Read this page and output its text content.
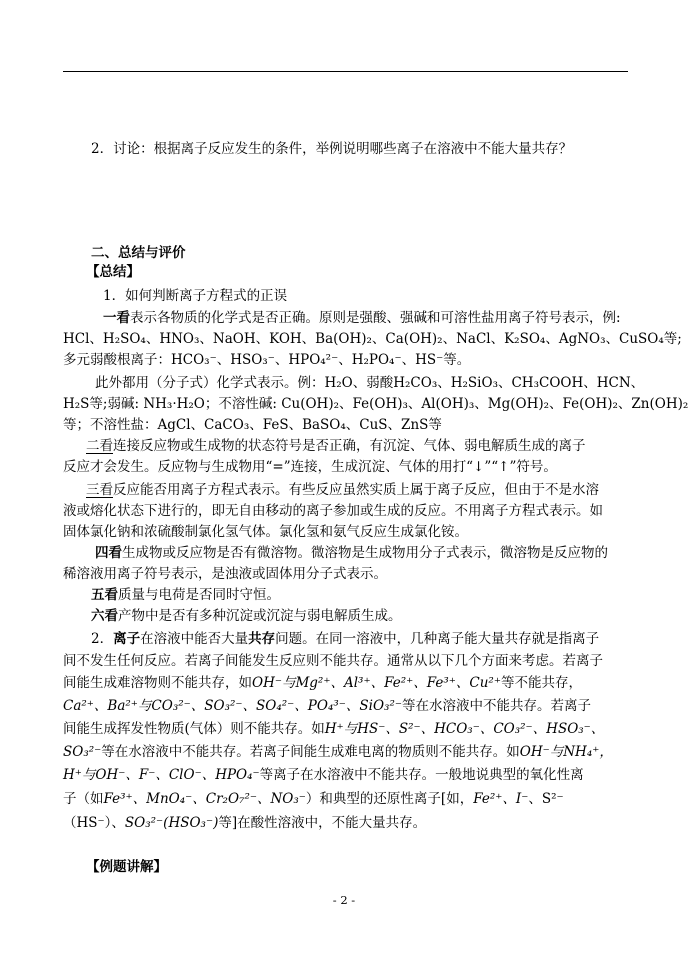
2．讨论：根据离子反应发生的条件，举例说明哪些离子在溶液中不能大量共存？
二、总结与评价
【总结】
1．如何判断离子方程式的正误
一看表示各物质的化学式是否正确。原则是强酸、强碱和可溶性盐用离子符号表示，例:
HCl、H₂SO₄、HNO₃、NaOH、KOH、Ba(OH)₂、Ca(OH)₂、NaCl、K₂SO₄、AgNO₃、CuSO₄等;
多元弱酸根离子：HCO₃⁻、HSO₃⁻、HPO₄²⁻、H₂PO₄⁻、HS⁻等。
此外都用（分子式）化学式表示。例：H₂O、弱酸H₂CO₃、H₂SiO₃、CH₃COOH、HCN、
H₂S等;弱碱: NH₃·H₂O；不溶性碱: Cu(OH)₂、Fe(OH)₃、Al(OH)₃、Mg(OH)₂、Fe(OH)₂、Zn(OH)₂
等；不溶性盐：AgCl、CaCO₃、FeS、BaSO₄、CuS、ZnS等
二看连接反应物或生成物的状态符号是否正确，有沉淀、气体、弱电解质生成的离子
反应才会发生。反应物与生成物用“=”连接，生成沉淀、气体的用打“↓”“↑”符号。
三看反应能否用离子方程式表示。有些反应虽然实质上属于离子反应，但由于不是水溶
液或熔化状态下进行的，即无自由移动的离子参加或生成的反应。不用离子方程式表示。如
固体氯化钠和浓硫酸制氯化氢气体。氯化氢和氨气反应生成氯化铵。
四看生成物或反应物是否有微溶物。微溶物是生成物用分子式表示，微溶物是反应物的
稀溶液用离子符号表示，是浊液或固体用分子式表示。
五看质量与电荷是否同时守恒。
六看产物中是否有多种沉淀或沉淀与弱电解质生成。
2．离子在溶液中能否大量共存问题。在同一溶液中，几种离子能大量共存就是指离子
间不发生任何反应。若离子间能发生反应则不能共存。通常从以下几个方面来考虑。若离子
间能生成难溶物则不能共存，如OH⁻与Mg²⁺、Al³⁺、Fe²⁺、Fe³⁺、Cu²⁺等不能共存，
Ca²⁺、Ba²⁺与CO₃²⁻、SO₃²⁻、SO₄²⁻、PO₄³⁻、SiO₃²⁻等在水溶液中不能共存。若离子
间能生成挥发性物质(气体）则不能共存。如H⁺与HS⁻、S²⁻、HCO₃⁻、CO₃²⁻、HSO₃⁻、
SO₃²⁻等在水溶液中不能共存。若离子间能生成难电离的物质则不能共存。如OH⁻与NH₄⁺，
H⁺与OH⁻、F⁻、ClO⁻、HPO₄⁻等离子在水溶液中不能共存。一般地说典型的氧化性离
子（如Fe³⁺、MnO₄⁻、Cr₂O₇²⁻、NO₃⁻）和典型的还原性离子[如，Fe²⁺、I⁻、S²⁻
（HS⁻）、SO₃²⁻(HSO₃⁻)等]在酸性溶液中，不能大量共存。
【例题讲解】
- 2 -
